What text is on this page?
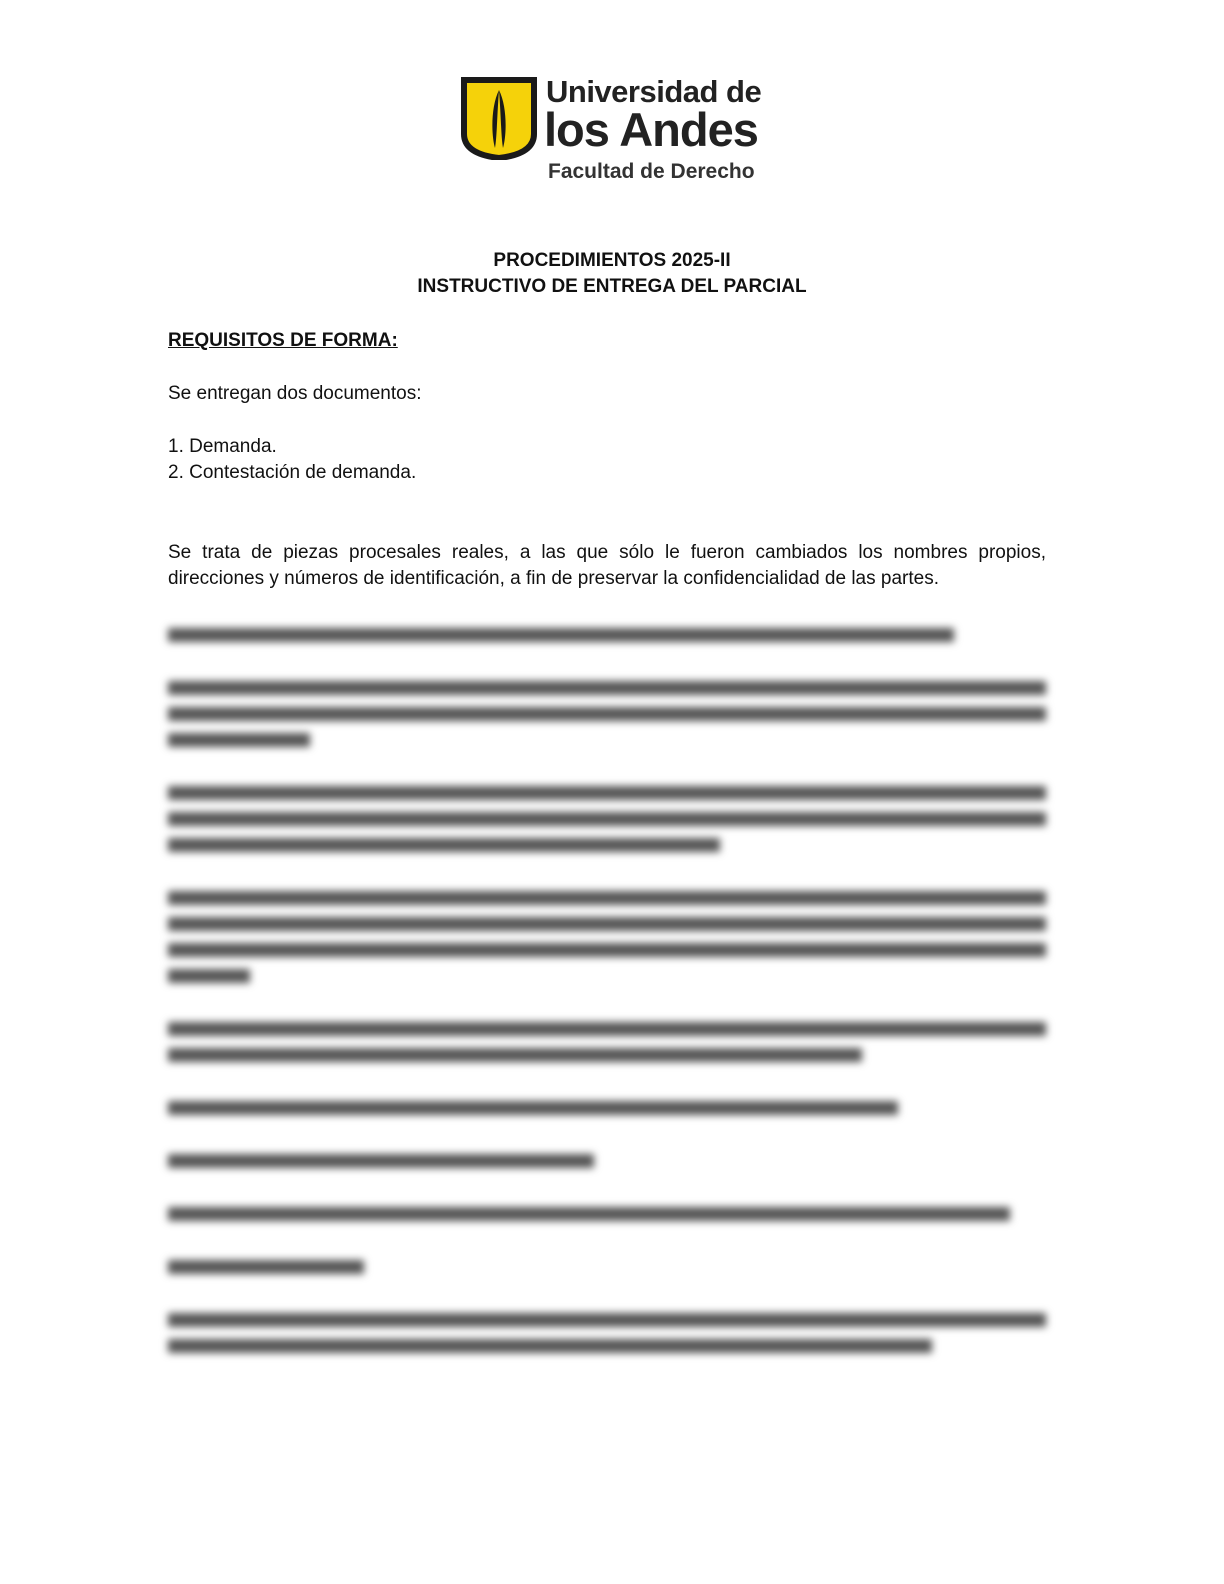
Universidad de
los Andes
Facultad de Derecho
PROCEDIMIENTOS 2025-II
INSTRUCTIVO DE ENTREGA DEL PARCIAL
REQUISITOS DE FORMA:
Se entregan dos documentos:
1. Demanda.
2. Contestación de demanda.
Se trata de piezas procesales reales, a las que sólo le fueron cambiados los nombres propios, direcciones y números de identificación, a fin de preservar la confidencialidad de las partes.
